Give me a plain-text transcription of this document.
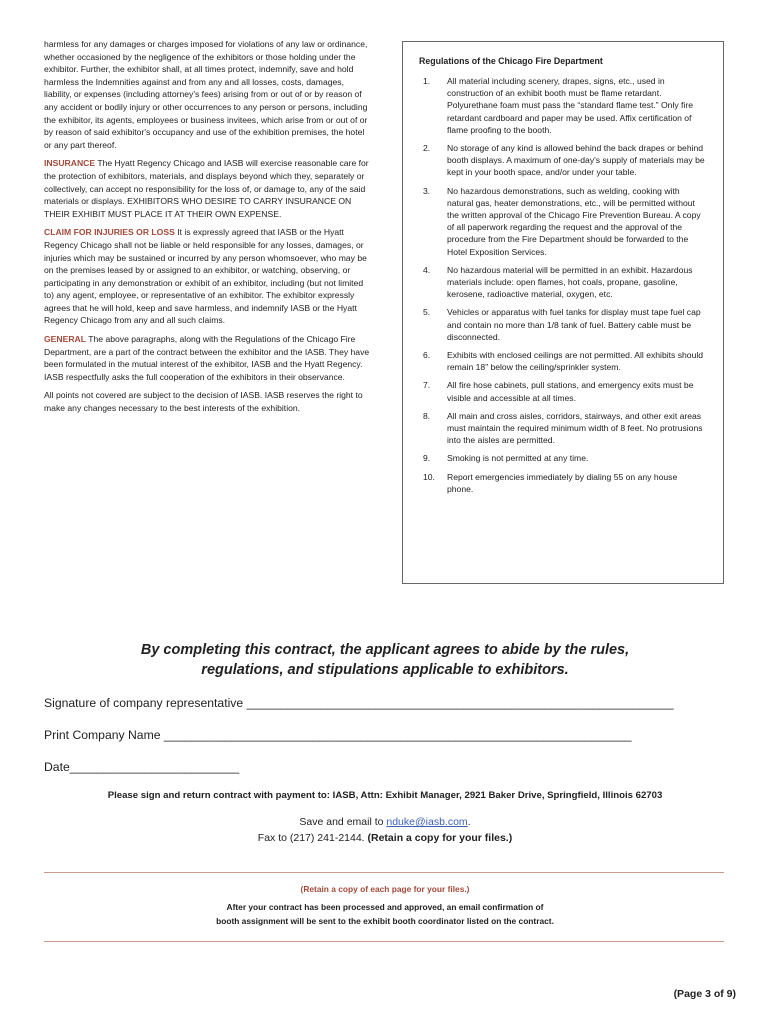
harmless for any damages or charges imposed for violations of any law or ordinance, whether occasioned by the negligence of the exhibitors or those holding under the exhibitor. Further, the exhibitor shall, at all times protect, indemnify, save and hold harmless the Indemnities against and from any and all losses, costs, damages, liability, or expenses (including attorney's fees) arising from or out of or by reason of any accident or bodily injury or other occurrences to any person or persons, including the exhibitor, its agents, employees or business invitees, which arise from or out of or by reason of said exhibitor's occupancy and use of the exhibition premises, the hotel or any part thereof.

INSURANCE The Hyatt Regency Chicago and IASB will exercise reasonable care for the protection of exhibitors, materials, and displays beyond which they, separately or collectively, can accept no responsibility for the loss of, or damage to, any of the said materials or displays. EXHIBITORS WHO DESIRE TO CARRY INSURANCE ON THEIR EXHIBIT MUST PLACE IT AT THEIR OWN EXPENSE.

CLAIM FOR INJURIES OR LOSS It is expressly agreed that IASB or the Hyatt Regency Chicago shall not be liable or held responsible for any losses, damages, or injuries which may be sustained or incurred by any person whomsoever, who may be on the premises leased by or assigned to an exhibitor, or watching, observing, or participating in any demonstration or exhibit of an exhibitor, including (but not limited to) any agent, employee, or representative of an exhibitor. The exhibitor expressly agrees that he will hold, keep and save harmless, and indemnify IASB or the Hyatt Regency Chicago from any and all such claims.

GENERAL The above paragraphs, along with the Regulations of the Chicago Fire Department, are a part of the contract between the exhibitor and the IASB. They have been formulated in the mutual interest of the exhibitor, IASB and the Hyatt Regency. IASB respectfully asks the full cooperation of the exhibitors in their observance.

All points not covered are subject to the decision of IASB. IASB reserves the right to make any changes necessary to the best interests of the exhibition.

Regulations of the Chicago Fire Department
1.	All material including scenery, drapes, signs, etc., used in construction of an exhibit booth must be flame retardant. Polyurethane foam must pass the “standard flame test.” Only fire retardant cardboard and paper may be used. Affix certification of flame proofing to the booth.
2.	No storage of any kind is allowed behind the back drapes or behind booth displays. A maximum of one-day's supply of materials may be kept in your booth space, and/or under your table.
3.	No hazardous demonstrations, such as welding, cooking with natural gas, heater demonstrations, etc., will be permitted without the written approval of the Chicago Fire Prevention Bureau. A copy of all paperwork regarding the request and the approval of the procedure from the Fire Department should be forwarded to the Hotel Exposition Services.
4.	No hazardous material will be permitted in an exhibit. Hazardous materials include: open flames, hot coals, propane, gasoline, kerosene, radioactive material, oxygen, etc.
5.	Vehicles or apparatus with fuel tanks for display must tape fuel cap and contain no more than 1/8 tank of fuel. Battery cable must be disconnected.
6.	Exhibits with enclosed ceilings are not permitted. All exhibits should remain 18” below the ceiling/sprinkler system.
7.	All fire hose cabinets, pull stations, and emergency exits must be visible and accessible at all times.
8.	All main and cross aisles, corridors, stairways, and other exit areas must maintain the required minimum width of 8 feet. No protrusions into the aisles are permitted.
9.	Smoking is not permitted at any time.
10.	Report emergencies immediately by dialing 55 on any house phone.
By completing this contract, the applicant agrees to abide by the rules,
regulations, and stipulations applicable to exhibitors.
Signature of company representative _______________________________________________________________
Print Company Name _____________________________________________________________________
Date_________________________
Please sign and return contract with payment to: IASB, Attn: Exhibit Manager, 2921 Baker Drive, Springfield, Illinois 62703
Save and email to nduke@iasb.com.
Fax to (217) 241-2144. (Retain a copy for your files.)
(Retain a copy of each page for your files.)
After your contract has been processed and approved, an email confirmation of
booth assignment will be sent to the exhibit booth coordinator listed on the contract.
(Page 3 of 9)
